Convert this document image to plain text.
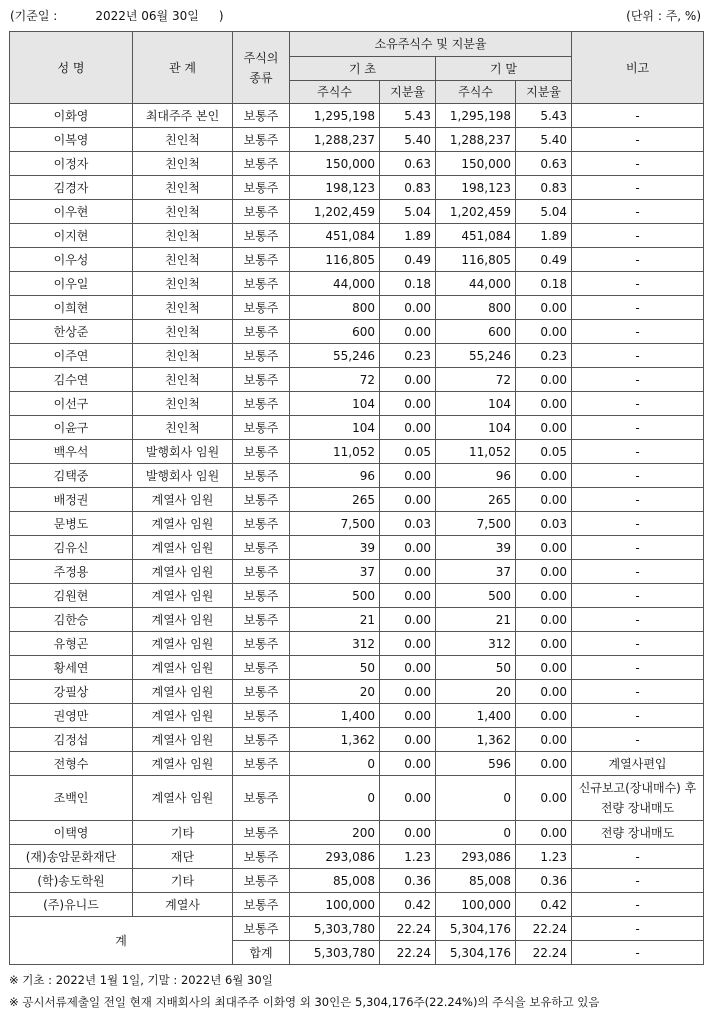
(기준일 :	2022년 06월 30일 )	(단위 : 주, %)
성 명	관 계	주식의 종류	소유주식수 및 지분율				비고
			기 초		기 말		
			주식수	지분율	주식수	지분율	
이화영	최대주주 본인	보통주	1,295,198	5.43	1,295,198	5.43	-
이복영	친인척	보통주	1,288,237	5.40	1,288,237	5.40	-
이정자	친인척	보통주	150,000	0.63	150,000	0.63	-
김경자	친인척	보통주	198,123	0.83	198,123	0.83	-
이우현	친인척	보통주	1,202,459	5.04	1,202,459	5.04	-
이지현	친인척	보통주	451,084	1.89	451,084	1.89	-
이우성	친인척	보통주	116,805	0.49	116,805	0.49	-
이우일	친인척	보통주	44,000	0.18	44,000	0.18	-
이희현	친인척	보통주	800	0.00	800	0.00	-
한상준	친인척	보통주	600	0.00	600	0.00	-
이주연	친인척	보통주	55,246	0.23	55,246	0.23	-
김수연	친인척	보통주	72	0.00	72	0.00	-
이선구	친인척	보통주	104	0.00	104	0.00	-
이윤구	친인척	보통주	104	0.00	104	0.00	-
백우석	발행회사 임원	보통주	11,052	0.05	11,052	0.05	-
김택중	발행회사 임원	보통주	96	0.00	96	0.00	-
배정권	계열사 임원	보통주	265	0.00	265	0.00	-
문병도	계열사 임원	보통주	7,500	0.03	7,500	0.03	-
김유신	계열사 임원	보통주	39	0.00	39	0.00	-
주정용	계열사 임원	보통주	37	0.00	37	0.00	-
김원현	계열사 임원	보통주	500	0.00	500	0.00	-
김한승	계열사 임원	보통주	21	0.00	21	0.00	-
유형곤	계열사 임원	보통주	312	0.00	312	0.00	-
황세연	계열사 임원	보통주	50	0.00	50	0.00	-
강필상	계열사 임원	보통주	20	0.00	20	0.00	-
권영만	계열사 임원	보통주	1,400	0.00	1,400	0.00	-
김정섭	계열사 임원	보통주	1,362	0.00	1,362	0.00	-
전형수	계열사 임원	보통주	0	0.00	596	0.00	계열사편입
조백인	계열사 임원	보통주	0	0.00	0	0.00	신규보고(장내매수) 후 전량 장내매도
이택영	기타	보통주	200	0.00	0	0.00	전량 장내매도
(재)송암문화재단	재단	보통주	293,086	1.23	293,086	1.23	-
(학)송도학원	기타	보통주	85,008	0.36	85,008	0.36	-
(주)유니드	계열사	보통주	100,000	0.42	100,000	0.42	-
계		보통주	5,303,780	22.24	5,304,176	22.24	-
		합계	5,303,780	22.24	5,304,176	22.24	-
※ 기초 : 2022년 1월 1일, 기말 : 2022년 6월 30일
※ 공시서류제출일 전일 현재 지배회사의 최대주주 이화영 외 30인은 5,304,176주(22.24%)의 주식을 보유하고 있음
